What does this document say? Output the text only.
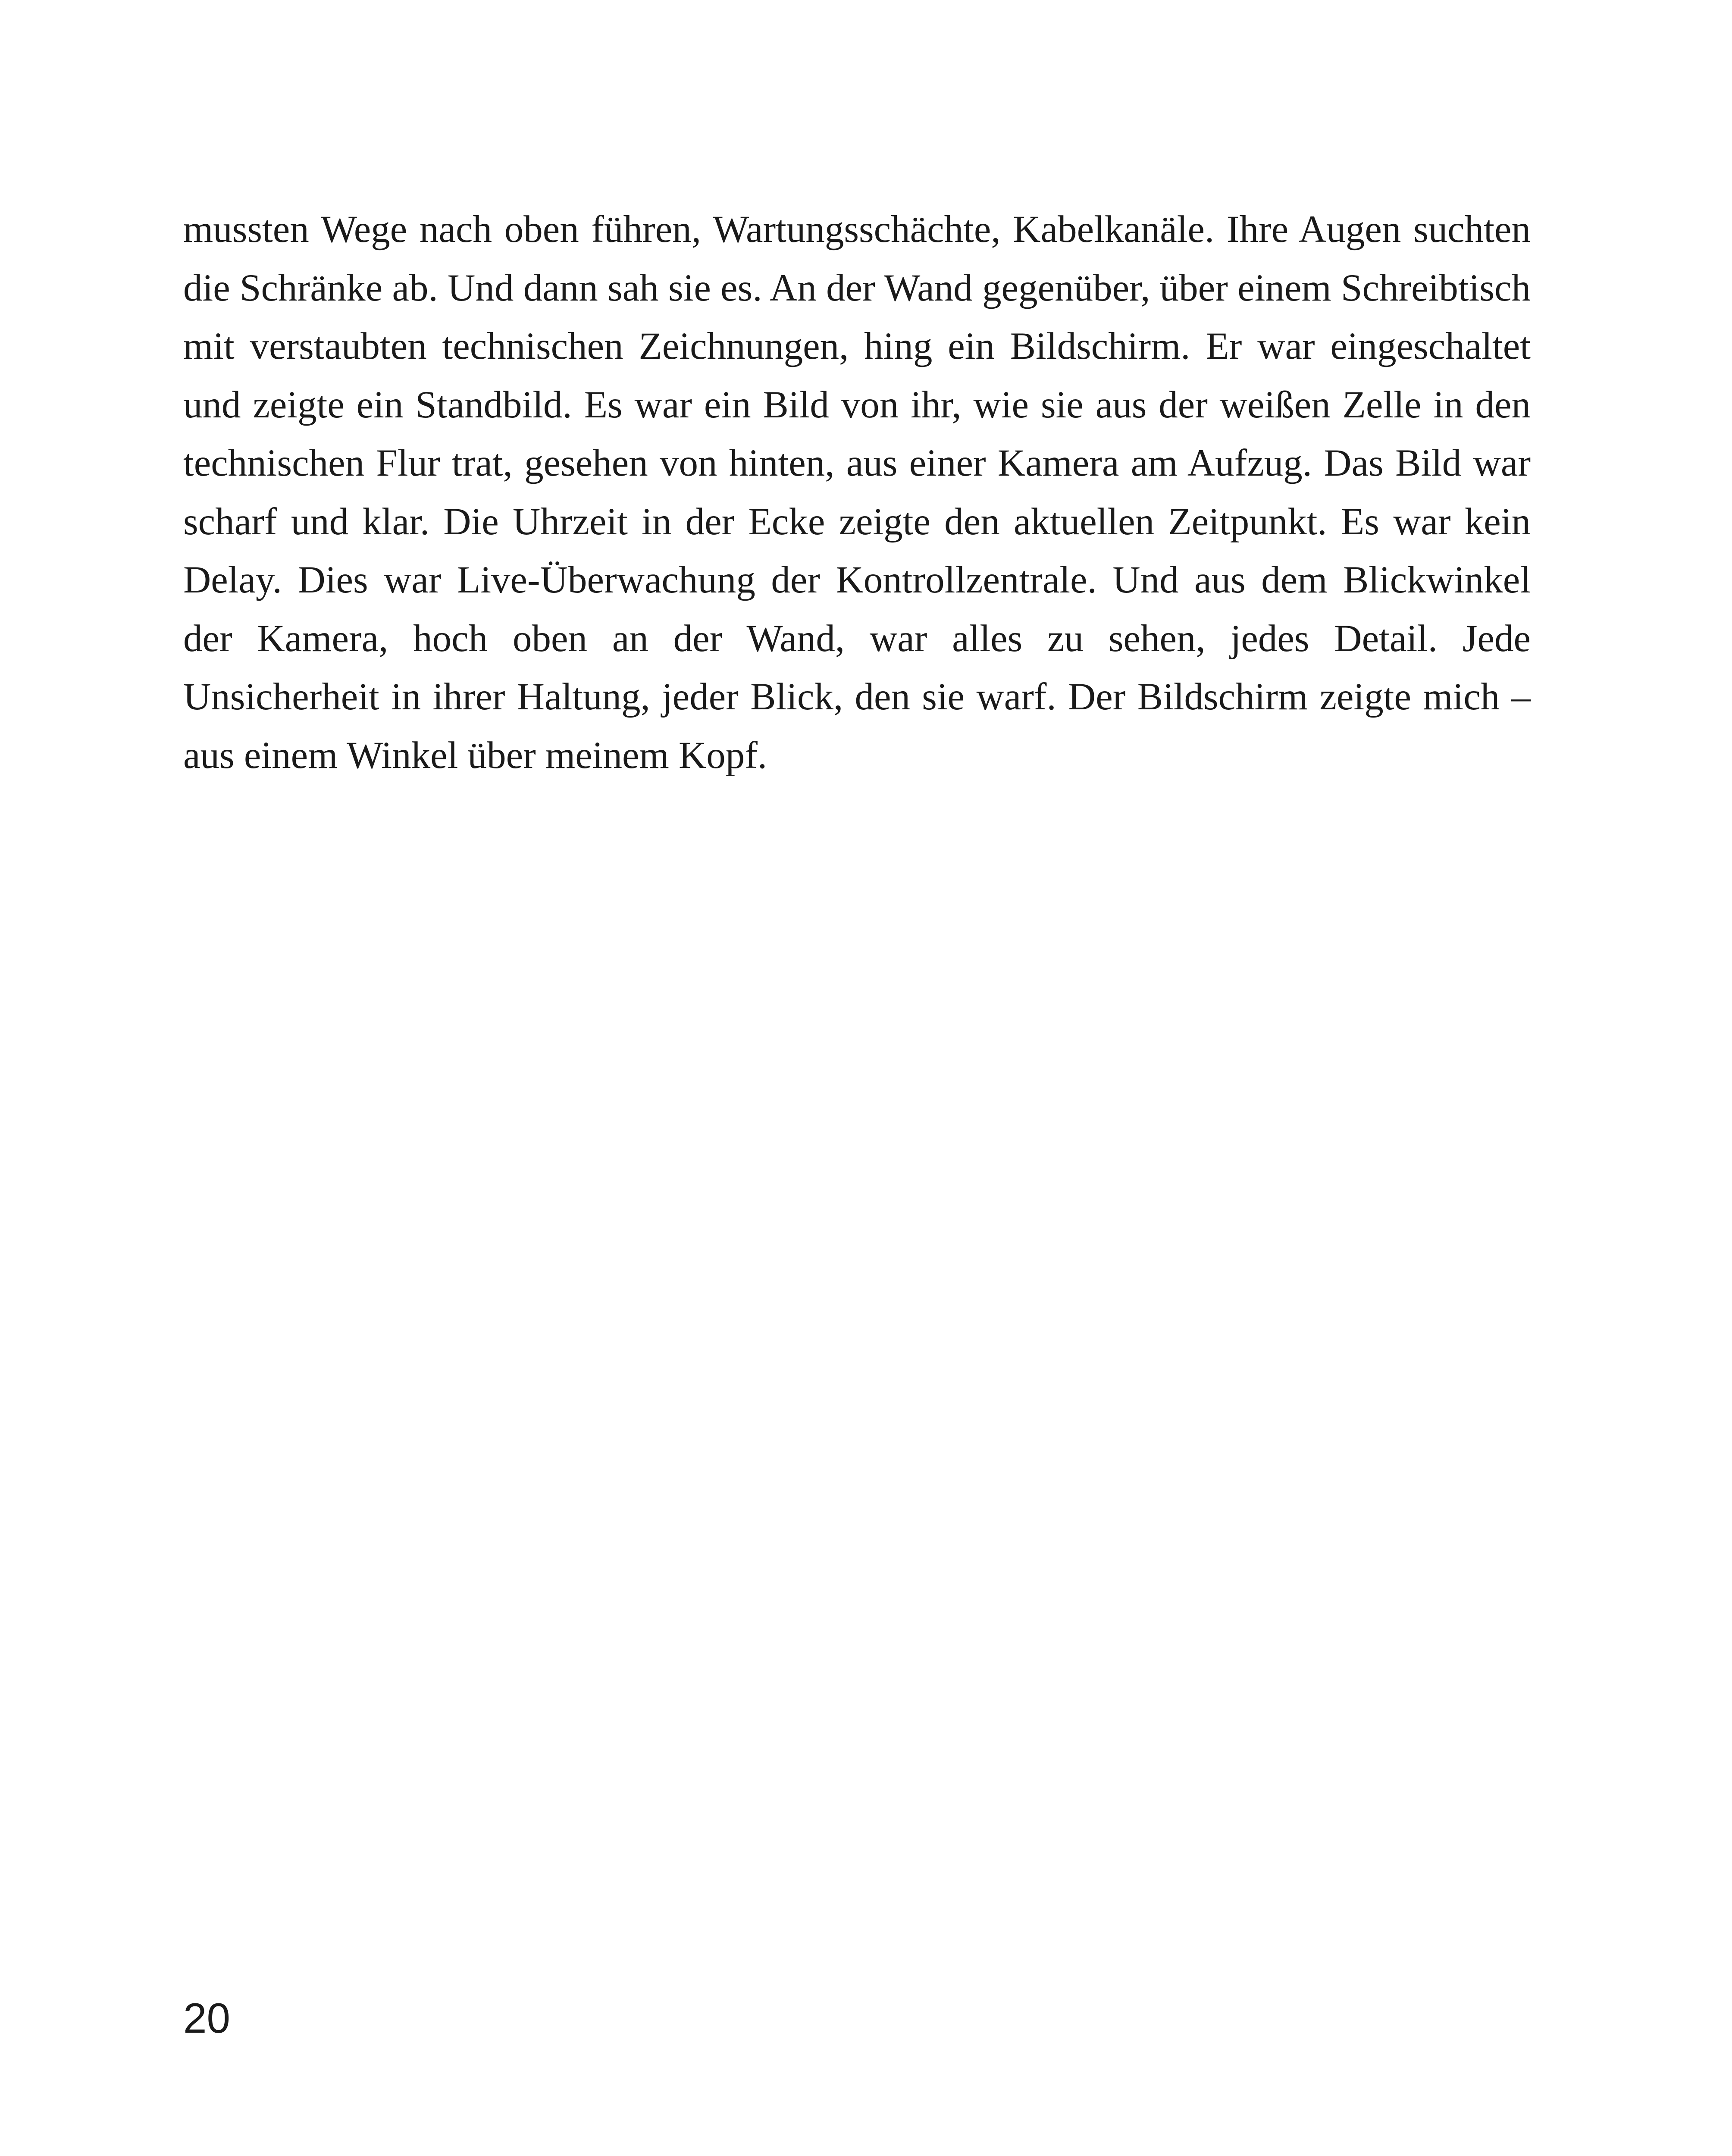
mussten Wege nach oben führen, Wartungsschächte, Kabelkanäle. Ihre Augen suchten die Schränke ab. Und dann sah sie es. An der Wand gegenüber, über einem Schreibtisch mit verstaubten technischen Zeichnungen, hing ein Bildschirm. Er war eingeschaltet und zeigte ein Standbild. Es war ein Bild von ihr, wie sie aus der weißen Zelle in den technischen Flur trat, gesehen von hinten, aus einer Kamera am Aufzug. Das Bild war scharf und klar. Die Uhrzeit in der Ecke zeigte den aktuellen Zeitpunkt. Es war kein Delay. Dies war Live-Überwachung der Kontrollzentrale. Und aus dem Blickwinkel der Kamera, hoch oben an der Wand, war alles zu sehen, jedes Detail. Jede Unsicherheit in ihrer Haltung, jeder Blick, den sie warf. Der Bildschirm zeigte mich – aus einem Winkel über meinem Kopf.

20
